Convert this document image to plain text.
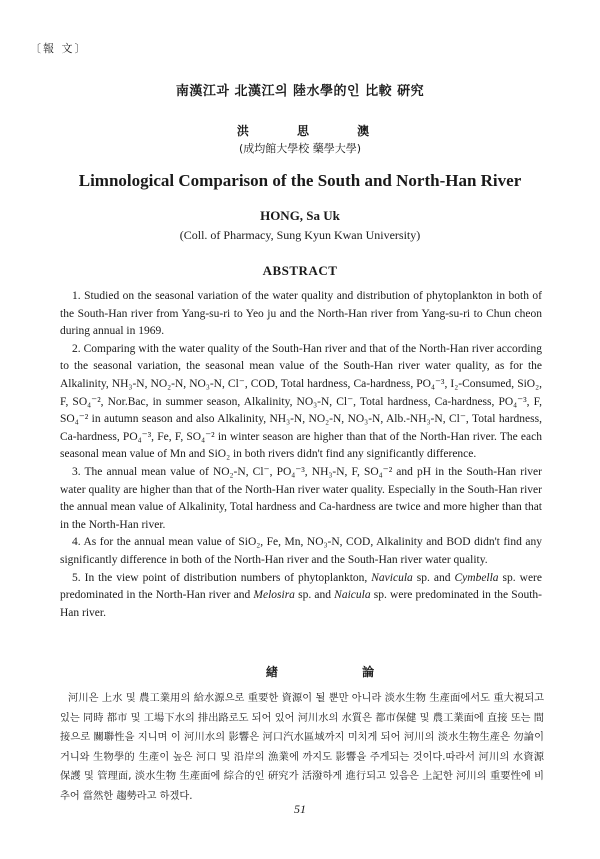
〔報 文〕
南漢江과 北漢江의 陸水學的인 比較 硏究
洪 思 澳
(成均館大學校 藥學大學)
Limnological Comparison of the South and North-Han River
HONG, Sa Uk
(Coll. of Pharmacy, Sung Kyun Kwan University)
ABSTRACT

1. Studied on the seasonal variation of the water quality and distribution of phytoplankton in both of the South-Han river from Yang-su-ri to Yeo ju and the North-Han river from Yang-su-ri to Chun cheon during annual in 1969.

2. Comparing with the water quality of the South-Han river and that of the North-Han river according to the seasonal variation, the seasonal mean value of the South-Han river water quality, as for the Alkalinity, NH₃-N, NO₂-N, NO₃-N, Cl⁻, COD, Total hardness, Ca-hardness, PO₄⁻³, I₂-Consumed, SiO₂, F, SO₄⁻², Nor.Bac, in summer season, Alkalinity, NO₃-N, Cl⁻, Total hardness, Ca-hardness, PO₄⁻³, F, SO₄⁻² in autumn season and also Alkalinity, NH₃-N, NO₂-N, NO₃-N, Alb.-NH₃-N, Cl⁻, Total hardness, Ca-hardness, PO₄⁻³, Fe, F, SO₄⁻² in winter season are higher than that of the North-Han river. The each seasonal mean value of Mn and SiO₂ in both rivers didn't find any significantly difference.

3. The annual mean value of NO₂-N, Cl⁻, PO₄⁻³, NH₃-N, F, SO₄⁻² and pH in the South-Han river water quality are higher than that of the North-Han river water quality. Especially in the South-Han river the annual mean value of Alkalinity, Total hardness and Ca-hardness are twice and more higher than that in the North-Han river.

4. As for the annual mean value of SiO₂, Fe, Mn, NO₃-N, COD, Alkalinity and BOD didn't find any significantly difference in both of the North-Han river and the South-Han river water quality.

5. In the view point of distribution numbers of phytoplankton, Navicula sp. and Cymbella sp. were predominated in the North-Han river and Melosira sp. and Naicula sp. were predominated in the South-Han river.

緖 論

河川은 上水 및 農工業用의 給水源으로 重要한 資源이 될 뿐만 아니라 淡水生物 生產面에서도 重大視되고 있는 同時 都市 및 工場下水의 排出路로도 되어 있어 河川水의 水質은 都市保健 및 農工業面에 直接 또는 間接으로 關聯性을 지니며 이 河川水의 影響은 河口汽水區域까지 미치게 되어 河川의 淡水生物生產은 勿論이거니와 生物學的 生產이 높은 河口 및 沿岸의 漁業에 까지도 影響을 주게되는 것이다.따라서 河川의 水資源保護 및 管理面, 淡水生物 生產面에 綜合的인 硏究가 活潑하게 進行되고 있음은 上記한 河川의 重要性에 비추어 當然한 趨勢라고 하겠다.

51
